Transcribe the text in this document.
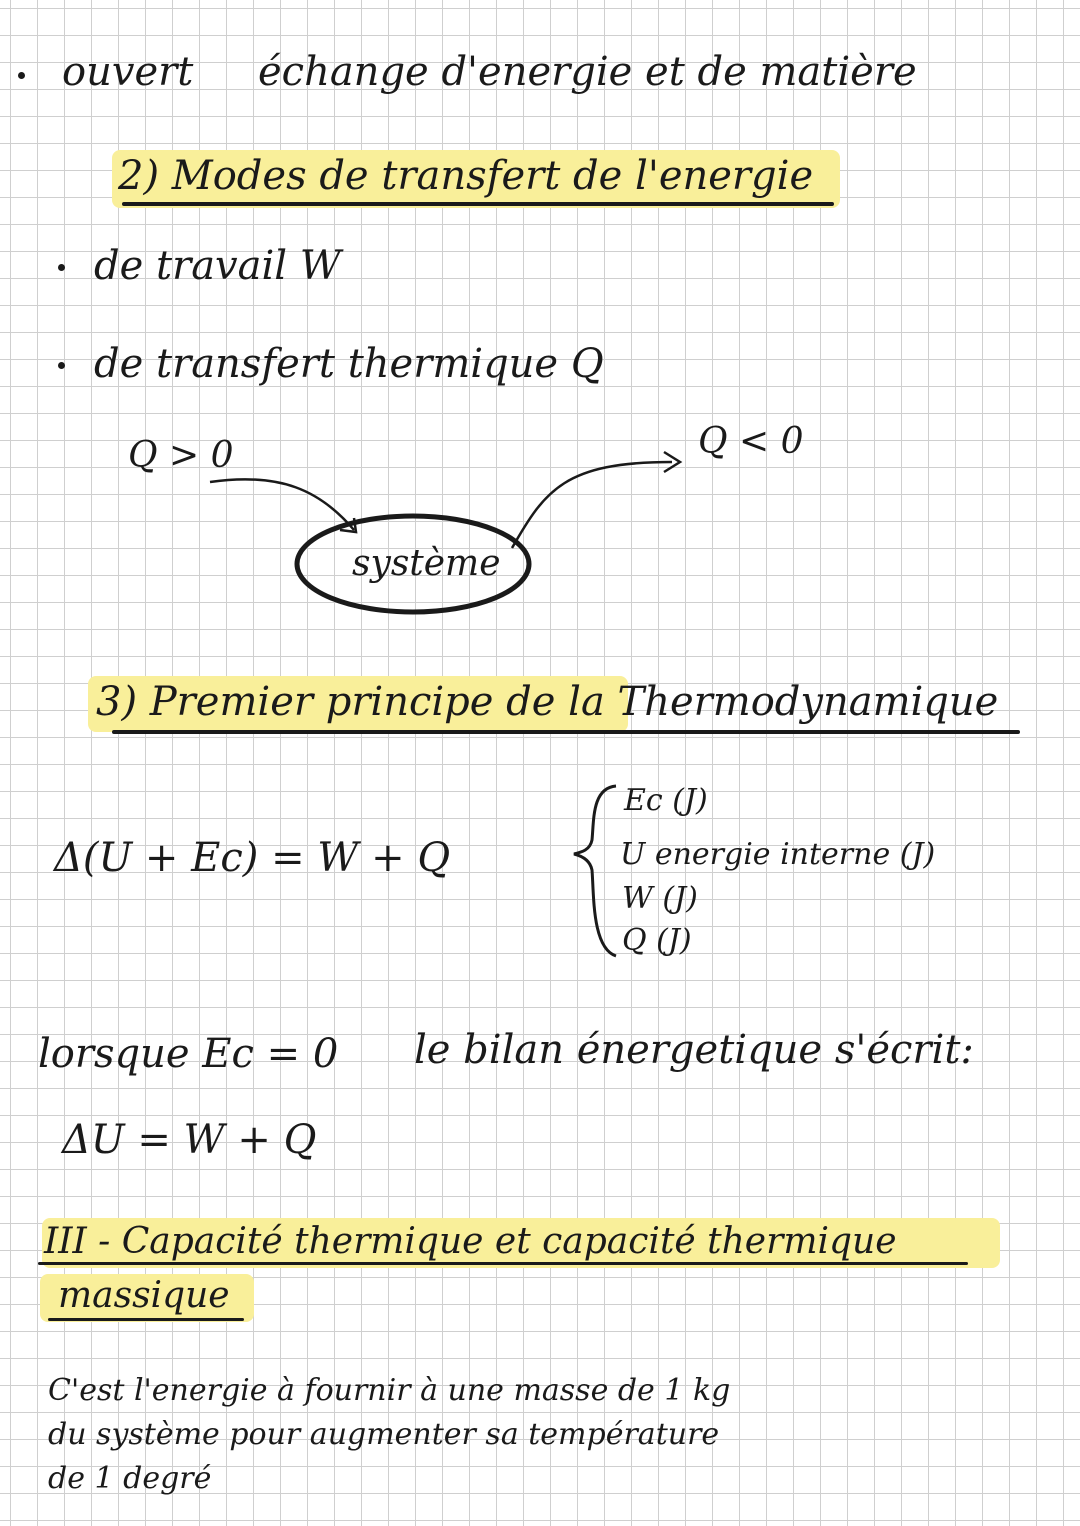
ouvert échange d'energie et de matière
2) Modes de transfert de l'energie
de travail W
de transfert thermique Q
Q > 0	Q < 0
système
3) Premier principe de la Thermodynamique
Δ(U + Ec) = W + Q
Ec (J)
U energie interne (J)
W (J)
Q (J)
lorsque Ec = 0 le bilan énergetique s'écrit:
ΔU = W + Q
III - Capacité thermique et capacité thermique
massique
C'est l'energie à fournir à une masse de 1 kg
du système pour augmenter sa température
de 1 degré
